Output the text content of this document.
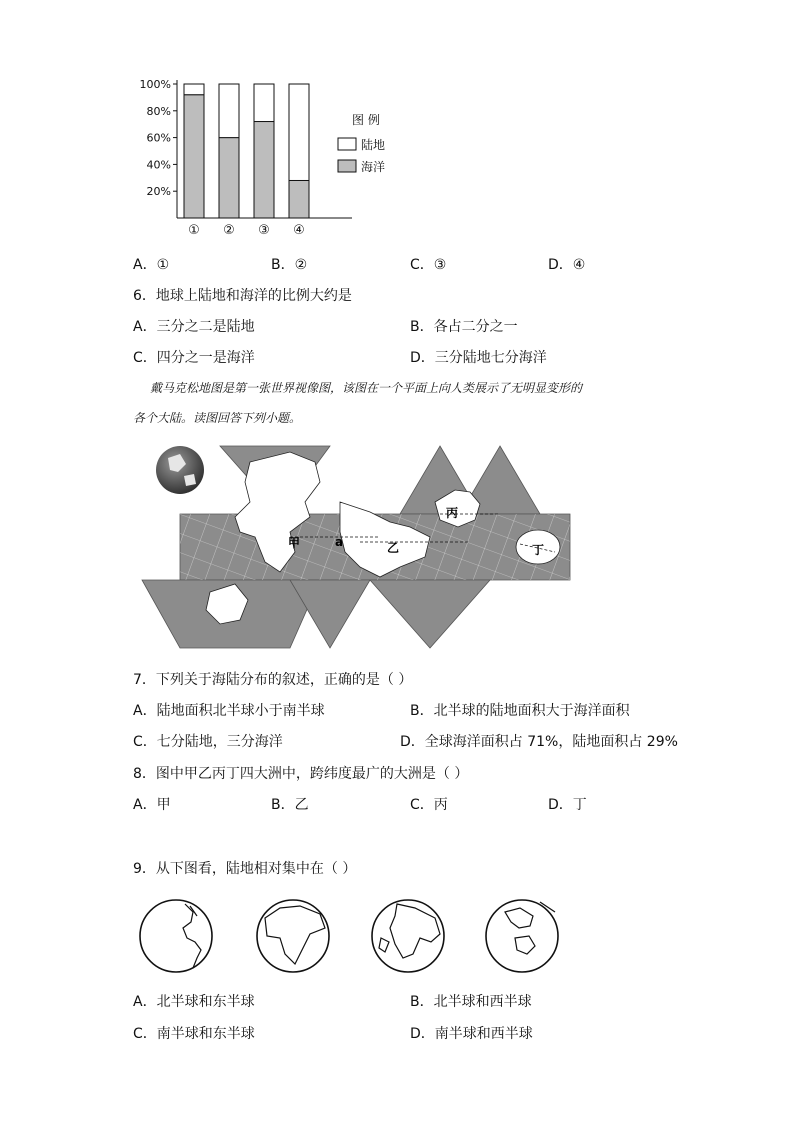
20%
40%
60%
80%
100%
① ② ③ ④
图 例
陆地
海洋
A．①	B．②	C．③	D．④
6．地球上陆地和海洋的比例大约是
A．三分之二是陆地	B．各占二分之一
C．四分之一是海洋	D．三分陆地七分海洋
戴马克松地图是第一张世界视像图，该图在一个平面上向人类展示了无明显变形的
各个大陆。读图回答下列小题。
甲	乙
丙
丁
a
7．下列关于海陆分布的叙述，正确的是（ ）
A．陆地面积北半球小于南半球	B．北半球的陆地面积大于海洋面积
C．七分陆地，三分海洋	D．全球海洋面积占 71%，陆地面积占 29%
8．图中甲乙丙丁四大洲中，跨纬度最广的大洲是（ ）
A．甲	B．乙	C．丙	D．丁
9．从下图看，陆地相对集中在（ ）
A．北半球和东半球	B．北半球和西半球
C．南半球和东半球	D．南半球和西半球
